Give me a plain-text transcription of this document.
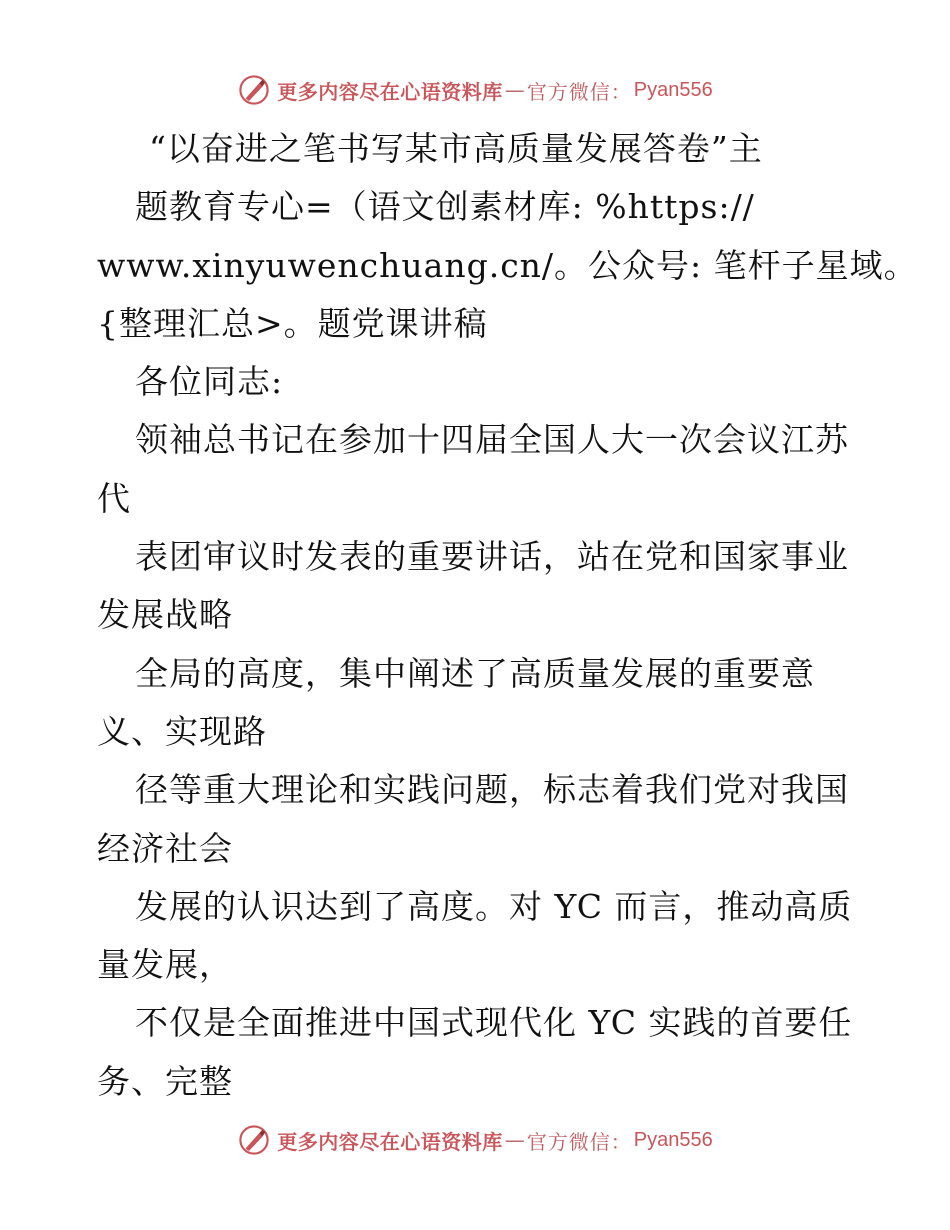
更多内容尽在心语资料库 — 官方微信： Pyan556
“以奋进之笔书写某市高质量发展答卷”主
题教育专心=（语文创素材库: %https://
www.xinyuwenchuang.cn/。公众号: 笔杆子星域。
{整理汇总>。题党课讲稿
各位同志:
领袖总书记在参加十四届全国人大一次会议江苏
代
表团审议时发表的重要讲话，站在党和国家事业
发展战略
全局的高度，集中阐述了高质量发展的重要意
义、实现路
径等重大理论和实践问题，标志着我们党对我国
经济社会
发展的认识达到了高度。对 YC 而言，推动高质
量发展，
不仅是全面推进中国式现代化 YC 实践的首要任
务、完整
更多内容尽在心语资料库 — 官方微信： Pyan556
